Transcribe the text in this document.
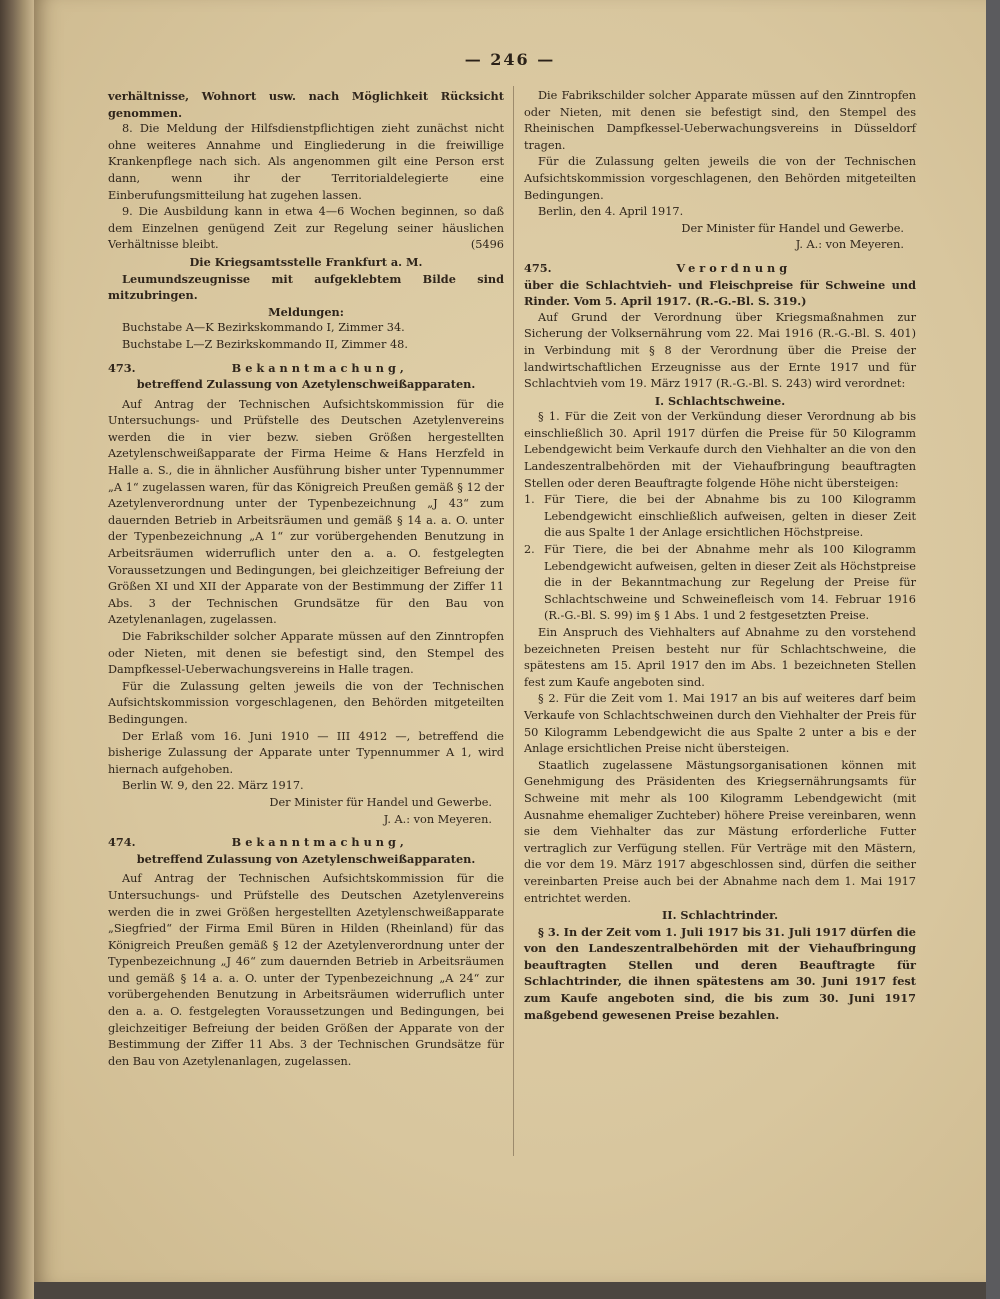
— 246 —

verhältnisse, Wohnort usw. nach Möglichkeit Rücksicht genommen.

8. Die Meldung der Hilfsdienstpflichtigen zieht zunächst nicht ohne weiteres Annahme und Eingliederung in die freiwillige Krankenpflege nach sich. Als angenommen gilt eine Person erst dann, wenn ihr der Territorialdelegierte eine Einberufungsmitteilung hat zugehen lassen.

9. Die Ausbildung kann in etwa 4—6 Wochen beginnen, so daß dem Einzelnen genügend Zeit zur Regelung seiner häuslichen Verhältnisse bleibt.	(5496

Die Kriegsamtsstelle Frankfurt a. M.

Leumundszeugnisse mit aufgeklebtem Bilde sind mitzubringen.

Meldungen:

Buchstabe A—K Bezirkskommando I, Zimmer 34.

Buchstabe L—Z Bezirkskommando II, Zimmer 48.

473.	Bekanntmachung,

betreffend Zulassung von Azetylenschweißapparaten.

Auf Antrag der Technischen Aufsichtskommission für die Untersuchungs- und Prüfstelle des Deutschen Azetylenvereins werden die in vier bezw. sieben Größen hergestellten Azetylenschweißapparate der Firma Heime & Hans Herzfeld in Halle a. S., die in ähnlicher Ausführung bisher unter Typennummer „A 1“ zugelassen waren, für das Königreich Preußen gemäß § 12 der Azetylenverordnung unter der Typenbezeichnung „J 43“ zum dauernden Betrieb in Arbeitsräumen und gemäß § 14 a. a. O. unter der Typenbezeichnung „A 1“ zur vorübergehenden Benutzung in Arbeitsräumen widerruflich unter den a. a. O. festgelegten Voraussetzungen und Bedingungen, bei gleichzeitiger Befreiung der Größen XI und XII der Apparate von der Bestimmung der Ziffer 11 Abs. 3 der Technischen Grundsätze für den Bau von Azetylenanlagen, zugelassen.

Die Fabrikschilder solcher Apparate müssen auf den Zinntropfen oder Nieten, mit denen sie befestigt sind, den Stempel des Dampfkessel-Ueberwachungsvereins in Halle tragen.

Für die Zulassung gelten jeweils die von der Technischen Aufsichtskommission vorgeschlagenen, den Behörden mitgeteilten Bedingungen.

Der Erlaß vom 16. Juni 1910 — III 4912 —, betreffend die bisherige Zulassung der Apparate unter Typennummer A 1, wird hiernach aufgehoben.

Berlin W. 9, den 22. März 1917.

Der Minister für Handel und Gewerbe.

J. A.: von Meyeren.

474.	Bekanntmachung,

betreffend Zulassung von Azetylenschweißapparaten.

Auf Antrag der Technischen Aufsichtskommission für die Untersuchungs- und Prüfstelle des Deutschen Azetylenvereins werden die in zwei Größen hergestellten Azetylenschweißapparate „Siegfried“ der Firma Emil Büren in Hilden (Rheinland) für das Königreich Preußen gemäß § 12 der Azetylenverordnung unter der Typenbezeichnung „J 46“ zum dauernden Betrieb in Arbeitsräumen und gemäß § 14 a. a. O. unter der Typenbezeichnung „A 24“ zur vorübergehenden Benutzung in Arbeitsräumen widerruflich unter den a. a. O. festgelegten Voraussetzungen und Bedingungen, bei gleichzeitiger Befreiung der beiden Größen der Apparate von der Bestimmung der Ziffer 11 Abs. 3 der Technischen Grundsätze für den Bau von Azetylenanlagen, zugelassen.

Die Fabrikschilder solcher Apparate müssen auf den Zinntropfen oder Nieten, mit denen sie befestigt sind, den Stempel des Rheinischen Dampfkessel-Ueberwachungsvereins in Düsseldorf tragen.

Für die Zulassung gelten jeweils die von der Technischen Aufsichtskommission vorgeschlagenen, den Behörden mitgeteilten Bedingungen.

Berlin, den 4. April 1917.

Der Minister für Handel und Gewerbe.

J. A.: von Meyeren.

475.	Verordnung

über die Schlachtvieh- und Fleischpreise für Schweine und Rinder. Vom 5. April 1917. (R.-G.-Bl. S. 319.)

Auf Grund der Verordnung über Kriegsmaßnahmen zur Sicherung der Volksernährung vom 22. Mai 1916 (R.-G.-Bl. S. 401) in Verbindung mit § 8 der Verordnung über die Preise der landwirtschaftlichen Erzeugnisse aus der Ernte 1917 und für Schlachtvieh vom 19. März 1917 (R.-G.-Bl. S. 243) wird verordnet:

I. Schlachtschweine.

§ 1. Für die Zeit von der Verkündung dieser Verordnung ab bis einschließlich 30. April 1917 dürfen die Preise für 50 Kilogramm Lebendgewicht beim Verkaufe durch den Viehhalter an die von den Landeszentralbehörden mit der Viehaufbringung beauftragten Stellen oder deren Beauftragte folgende Höhe nicht übersteigen:

1. Für Tiere, die bei der Abnahme bis zu 100 Kilogramm Lebendgewicht einschließlich aufweisen, gelten in dieser Zeit die aus Spalte 1 der Anlage ersichtlichen Höchstpreise.
2. Für Tiere, die bei der Abnahme mehr als 100 Kilogramm Lebendgewicht aufweisen, gelten in dieser Zeit als Höchstpreise die in der Bekanntmachung zur Regelung der Preise für Schlachtschweine und Schweinefleisch vom 14. Februar 1916 (R.-G.-Bl. S. 99) im § 1 Abs. 1 und 2 festgesetzten Preise.

Ein Anspruch des Viehhalters auf Abnahme zu den vorstehend bezeichneten Preisen besteht nur für Schlachtschweine, die spätestens am 15. April 1917 den im Abs. 1 bezeichneten Stellen fest zum Kaufe angeboten sind.

§ 2. Für die Zeit vom 1. Mai 1917 an bis auf weiteres darf beim Verkaufe von Schlachtschweinen durch den Viehhalter der Preis für 50 Kilogramm Lebendgewicht die aus Spalte 2 unter a bis e der Anlage ersichtlichen Preise nicht übersteigen.

Staatlich zugelassene Mästungsorganisationen können mit Genehmigung des Präsidenten des Kriegsernährungsamts für Schweine mit mehr als 100 Kilogramm Lebendgewicht (mit Ausnahme ehemaliger Zuchteber) höhere Preise vereinbaren, wenn sie dem Viehhalter das zur Mästung erforderliche Futter vertraglich zur Verfügung stellen. Für Verträge mit den Mästern, die vor dem 19. März 1917 abgeschlossen sind, dürfen die seither vereinbarten Preise auch bei der Abnahme nach dem 1. Mai 1917 entrichtet werden.

II. Schlachtrinder.

§ 3. In der Zeit vom 1. Juli 1917 bis 31. Juli 1917 dürfen die von den Landeszentralbehörden mit der Viehaufbringung beauftragten Stellen und deren Beauftragte für Schlachtrinder, die ihnen spätestens am 30. Juni 1917 fest zum Kaufe angeboten sind, die bis zum 30. Juni 1917 maßgebend gewesenen Preise bezahlen.
